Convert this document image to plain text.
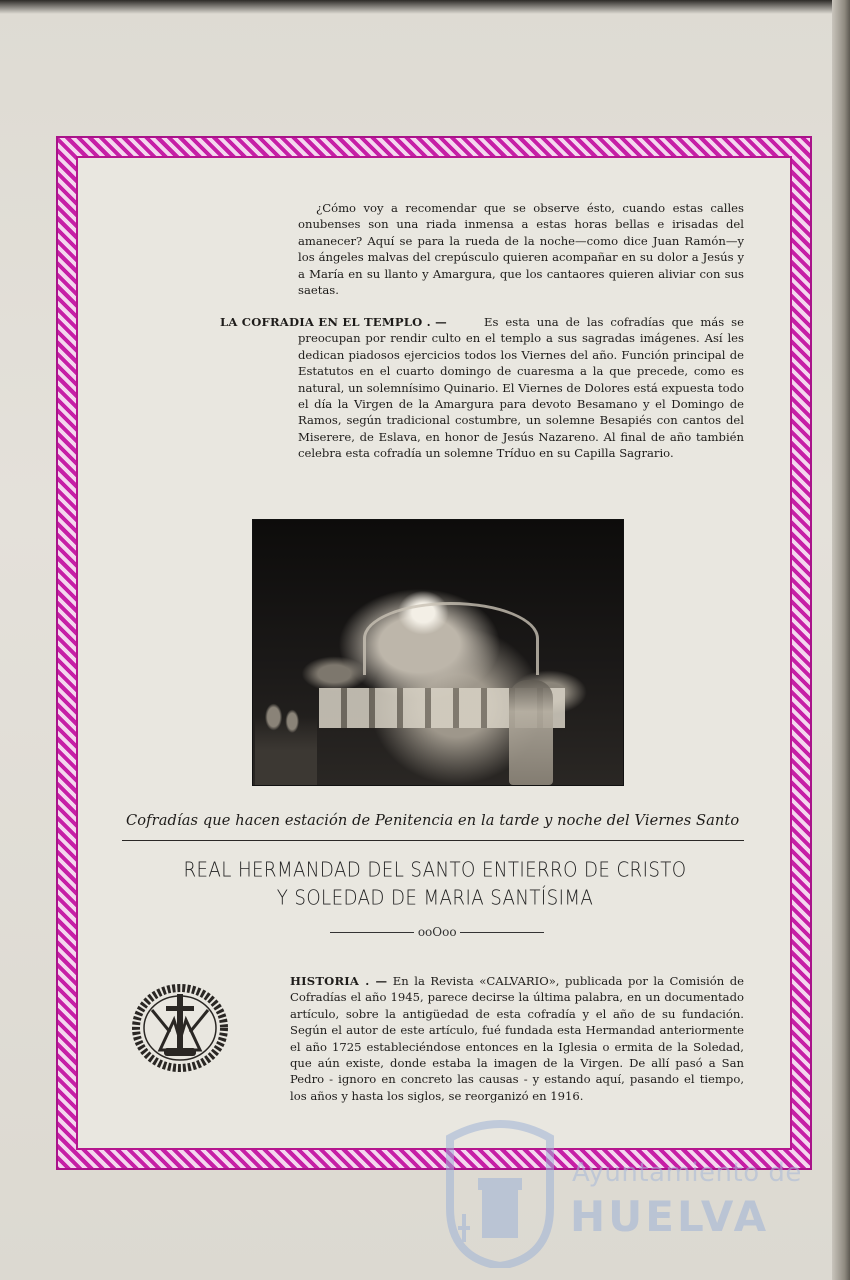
¿Cómo voy a recomendar que se observe ésto, cuando estas calles onubenses son una riada inmensa a estas horas bellas e irisadas del amanecer? Aquí se para la rueda de la noche—como dice Juan Ramón—y los ángeles malvas del crepúsculo quieren acompañar en su dolor a Jesús y a María en su llanto y Amargura, que los cantaores quieren aliviar con sus saetas.

LA COFRADIA EN EL TEMPLO . —	Es esta una de las cofradías que más se preocupan por rendir culto en el templo a sus sagradas imágenes. Así les dedican piadosos ejercicios todos los Viernes del año. Función principal de Estatutos en el cuarto domingo de cuaresma a la que precede, como es natural, un solemnísimo Quinario. El Viernes de Dolores está expuesta todo el día la Virgen de la Amargura para devoto Besamano y el Domingo de Ramos, según tradicional costumbre, un solemne Besapiés con cantos del Miserere, de Eslava, en honor de Jesús Nazareno. Al final de año también celebra esta cofradía un solemne Tríduo en su Capilla Sagrario.

Cofradías que hacen estación de Penitencia en la tarde y noche del Viernes Santo
REAL HERMANDAD DEL SANTO ENTIERRO DE CRISTO
Y SOLEDAD DE MARIA SANTÍSIMA
ooOoo

HISTORIA . — En la Revista «CALVARIO», publicada por la Comisión de Cofradías el año 1945, parece decirse la última palabra, en un documentado artículo, sobre la antigüedad de esta cofradía y el año de su fundación. Según el autor de este artículo, fué fundada esta Hermandad anteriormente el año 1725 estableciéndose entonces en la Iglesia o ermita de la Soledad, que aún existe, donde estaba la imagen de la Virgen. De allí pasó a San Pedro - ignoro en concreto las causas - y estando aquí, pasando el tiempo, los años y hasta los siglos, se reorganizó en 1916.

Ayuntamiento de
HUELVA
